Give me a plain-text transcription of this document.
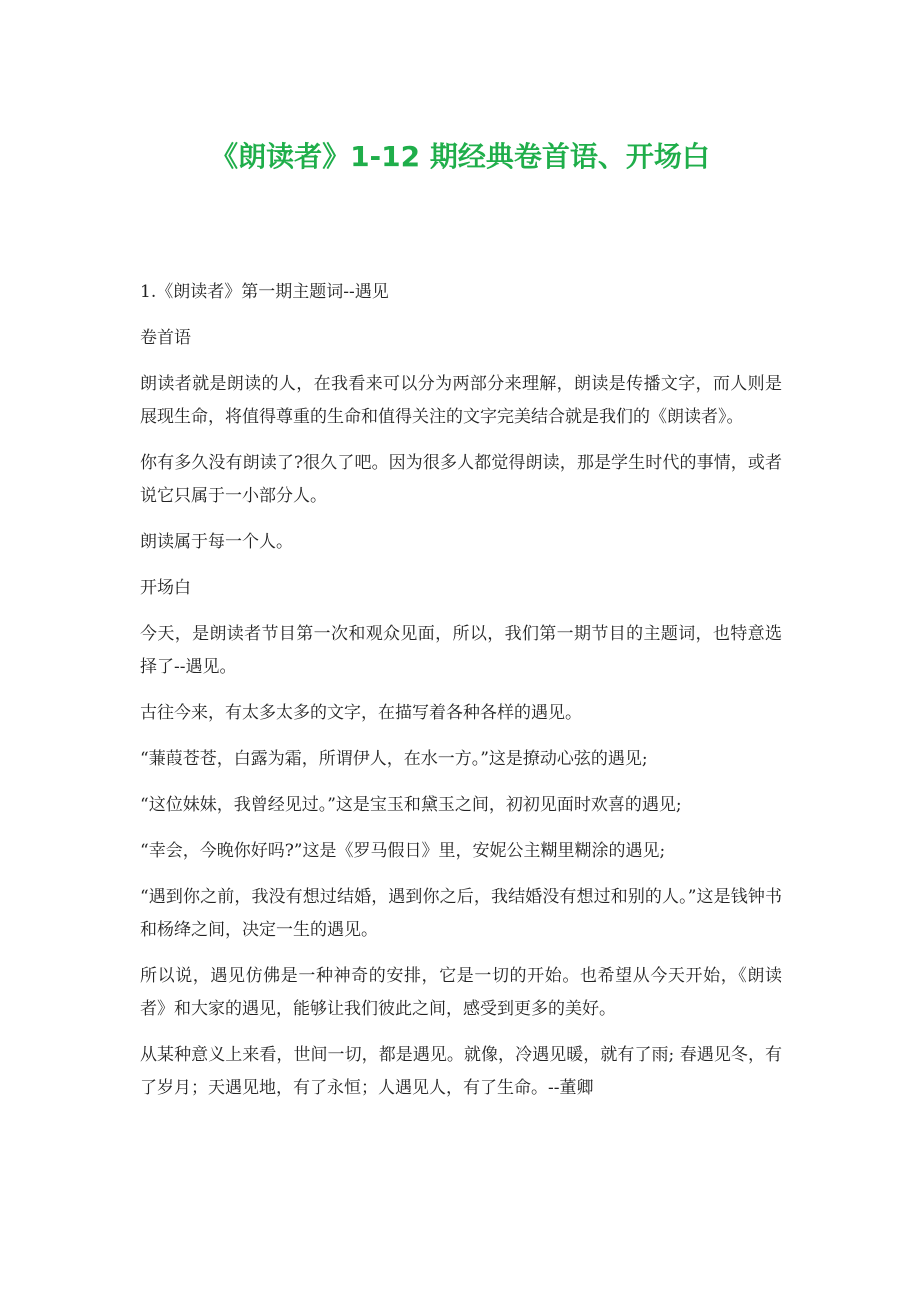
《朗读者》1-12 期经典卷首语、开场白

1.《朗读者》第一期主题词--遇见

卷首语

朗读者就是朗读的人，在我看来可以分为两部分来理解，朗读是传播文字，而人则是展现生命，将值得尊重的生命和值得关注的文字完美结合就是我们的《朗读者》。

你有多久没有朗读了?很久了吧。因为很多人都觉得朗读，那是学生时代的事情，或者说它只属于一小部分人。

朗读属于每一个人。

开场白

今天，是朗读者节目第一次和观众见面，所以，我们第一期节目的主题词，也特意选择了--遇见。

古往今来，有太多太多的文字，在描写着各种各样的遇见。

“蒹葭苍苍，白露为霜，所谓伊人，在水一方。”这是撩动心弦的遇见;

“这位妹妹，我曾经见过。”这是宝玉和黛玉之间，初初见面时欢喜的遇见;

“幸会，今晚你好吗?”这是《罗马假日》里，安妮公主糊里糊涂的遇见;

“遇到你之前，我没有想过结婚，遇到你之后，我结婚没有想过和别的人。”这是钱钟书和杨绛之间，决定一生的遇见。

所以说，遇见仿佛是一种神奇的安排，它是一切的开始。也希望从今天开始，《朗读者》和大家的遇见，能够让我们彼此之间，感受到更多的美好。

从某种意义上来看，世间一切，都是遇见。就像，冷遇见暖，就有了雨; 春遇见冬，有了岁月；天遇见地，有了永恒；人遇见人，有了生命。--董卿
